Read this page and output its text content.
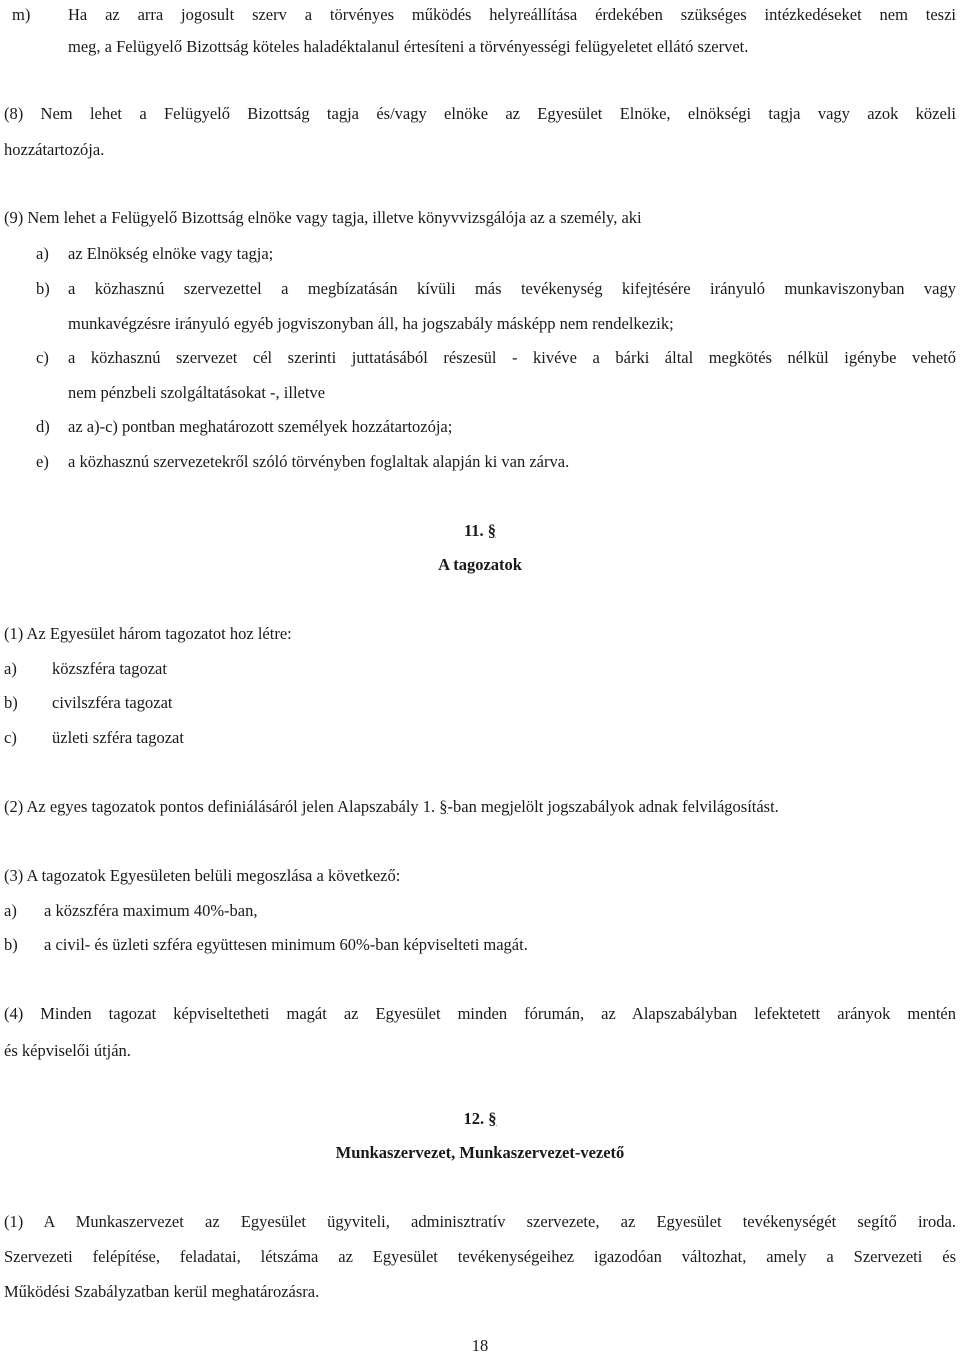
m) Ha az arra jogosult szerv a törvényes működés helyreállítása érdekében szükséges intézkedéseket nem teszi
meg, a Felügyelő Bizottság köteles haladéktalanul értesíteni a törvényességi felügyeletet ellátó szervet.
(8) Nem lehet a Felügyelő Bizottság tagja és/vagy elnöke az Egyesület Elnöke, elnökségi tagja vagy azok közeli
hozzátartozója.
(9) Nem lehet a Felügyelő Bizottság elnöke vagy tagja, illetve könyvvizsgálója az a személy, aki
a) az Elnökség elnöke vagy tagja;
b) a közhasznú szervezettel a megbízatásán kívüli más tevékenység kifejtésére irányuló munkaviszonyban vagy
munkavégzésre irányuló egyéb jogviszonyban áll, ha jogszabály másképp nem rendelkezik;
c) a közhasznú szervezet cél szerinti juttatásából részesül - kivéve a bárki által megkötés nélkül igénybe vehető
nem pénzbeli szolgáltatásokat -, illetve
d) az a)-c) pontban meghatározott személyek hozzátartozója;
e) a közhasznú szervezetekről szóló törvényben foglaltak alapján ki van zárva.
11. §
A tagozatok
(1) Az Egyesület három tagozatot hoz létre:
a) közszféra tagozat
b) civilszféra tagozat
c) üzleti szféra tagozat
(2) Az egyes tagozatok pontos definiálásáról jelen Alapszabály 1. §-ban megjelölt jogszabályok adnak felvilágosítást.
(3) A tagozatok Egyesületen belüli megoszlása a következő:
a) a közszféra maximum 40%-ban,
b) a civil- és üzleti szféra együttesen minimum 60%-ban képviselteti magát.
(4) Minden tagozat képviseltetheti magát az Egyesület minden fórumán, az Alapszabályban lefektetett arányok mentén
és képviselői útján.
12. §
Munkaszervezet, Munkaszervezet-vezető
(1) A Munkaszervezet az Egyesület ügyviteli, adminisztratív szervezete, az Egyesület tevékenységét segítő iroda.
Szervezeti felépítése, feladatai, létszáma az Egyesület tevékenységeihez igazodóan változhat, amely a Szervezeti és
Működési Szabályzatban kerül meghatározásra.
18
